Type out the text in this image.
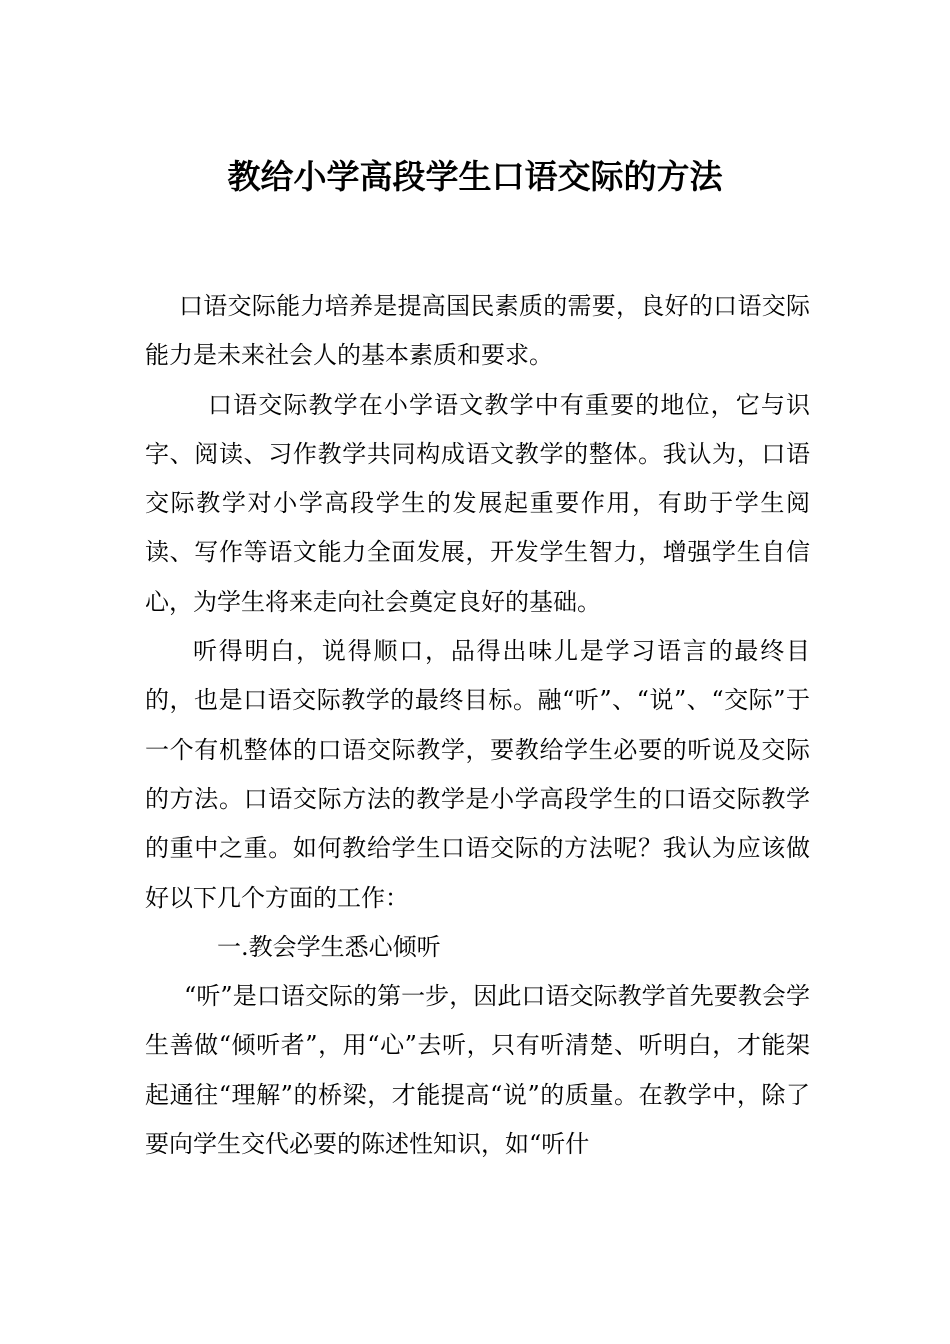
教给小学高段学生口语交际的方法

口语交际能力培养是提高国民素质的需要，良好的口语交际能力是未来社会人的基本素质和要求。

口语交际教学在小学语文教学中有重要的地位，它与识字、阅读、习作教学共同构成语文教学的整体。我认为，口语交际教学对小学高段学生的发展起重要作用，有助于学生阅读、写作等语文能力全面发展，开发学生智力，增强学生自信心，为学生将来走向社会奠定良好的基础。

听得明白，说得顺口，品得出味儿是学习语言的最终目的，也是口语交际教学的最终目标。融“听”、“说”、“交际”于一个有机整体的口语交际教学，要教给学生必要的听说及交际的方法。口语交际方法的教学是小学高段学生的口语交际教学的重中之重。如何教给学生口语交际的方法呢？我认为应该做好以下几个方面的工作：

一.教会学生悉心倾听

“听”是口语交际的第一步，因此口语交际教学首先要教会学生善做“倾听者”，用“心”去听，只有听清楚、听明白，才能架起通往“理解”的桥梁，才能提高“说”的质量。在教学中，除了要向学生交代必要的陈述性知识，如“听什
